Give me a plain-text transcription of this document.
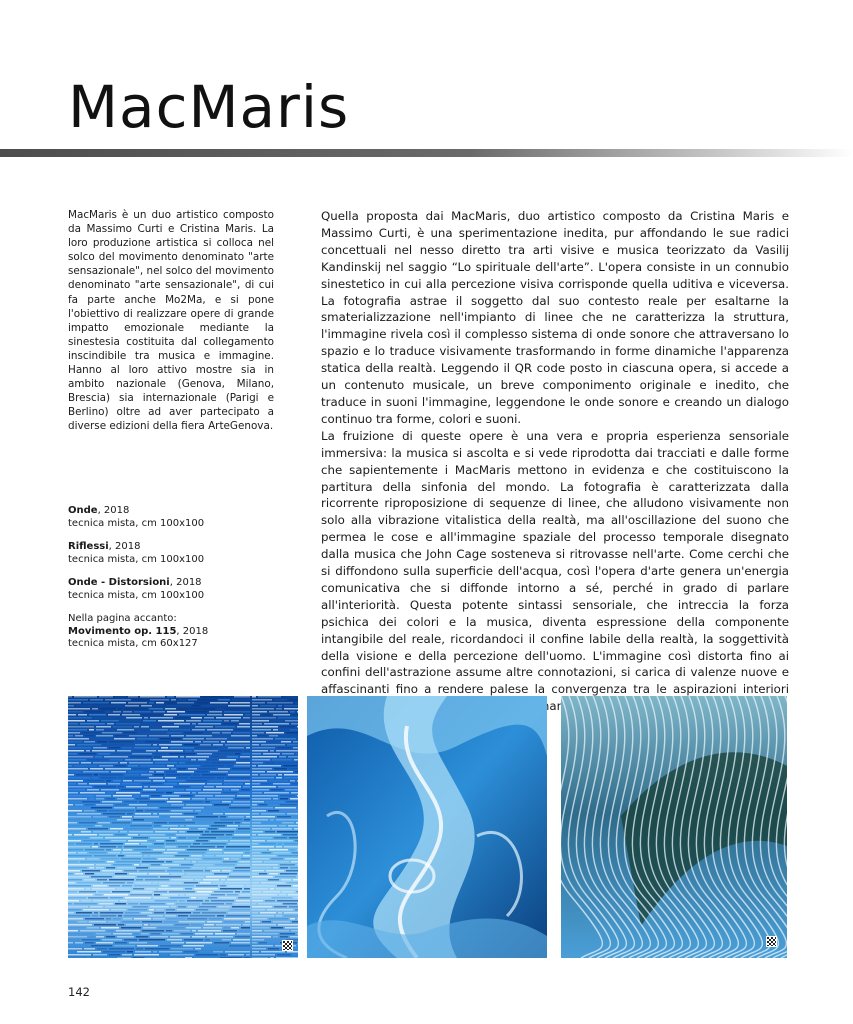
MacMaris

MacMaris è un duo artistico composto da Massimo Curti e Cristina Maris. La loro produzione artistica si colloca nel solco del movimento denominato "arte sensazionale", nel solco del movimento denominato "arte sensazionale", di cui fa parte anche Mo2Ma, e si pone l'obiettivo di realizzare opere di grande impatto emozionale mediante la sinestesia costituita dal collegamento inscindibile tra musica e immagine. Hanno al loro attivo mostre sia in ambito nazionale (Genova, Milano, Brescia) sia internazionale (Parigi e Berlino) oltre ad aver partecipato a diverse edizioni della fiera ArteGenova.

Onde, 2018
tecnica mista, cm 100x100
Riflessi, 2018
tecnica mista, cm 100x100
Onde - Distorsioni, 2018
tecnica mista, cm 100x100
Nella pagina accanto:
Movimento op. 115, 2018
tecnica mista, cm 60x127

Quella proposta dai MacMaris, duo artistico composto da Cristina Maris e Massimo Curti, è una sperimentazione inedita, pur affondando le sue radici concettuali nel nesso diretto tra arti visive e musica teorizzato da Vasilij Kandinskij nel saggio “Lo spirituale dell'arte”. L'opera consiste in un connubio sinestetico in cui alla percezione visiva corrisponde quella uditiva e viceversa. La fotografia astrae il soggetto dal suo contesto reale per esaltarne la smaterializzazione nell'impianto di linee che ne caratterizza la struttura, l'immagine rivela così il complesso sistema di onde sonore che attraversano lo spazio e lo traduce visivamente trasformando in forme dinamiche l'apparenza statica della realtà. Leggendo il QR code posto in ciascuna opera, si accede a un contenuto musicale, un breve componimento originale e inedito, che traduce in suoni l'immagine, leggendone le onde sonore e creando un dialogo continuo tra forme, colori e suoni.

La fruizione di queste opere è una vera e propria esperienza sensoriale immersiva: la musica si ascolta e si vede riprodotta dai tracciati e dalle forme che sapientemente i MacMaris mettono in evidenza e che costituiscono la partitura della sinfonia del mondo. La fotografia è caratterizzata dalla ricorrente riproposizione di sequenze di linee, che alludono visivamente non solo alla vibrazione vitalistica della realtà, ma all'oscillazione del suono che permea le cose e all'immagine spaziale del processo temporale disegnato dalla musica che John Cage sosteneva si ritrovasse nell'arte. Come cerchi che si diffondono sulla superficie dell'acqua, così l'opera d'arte genera un'energia comunicativa che si diffonde intorno a sé, perché in grado di parlare all'interiorità. Questa potente sintassi sensoriale, che intreccia la forza psichica dei colori e la musica, diventa espressione della componente intangibile del reale, ricordandoci il confine labile della realtà, la soggettività della visione e della percezione dell'uomo. L'immagine così distorta fino ai confini dell'astrazione assume altre connotazioni, si carica di valenze nuove e affascinanti fino a rendere palese la convergenza tra le aspirazioni interiori risonanza.

142
